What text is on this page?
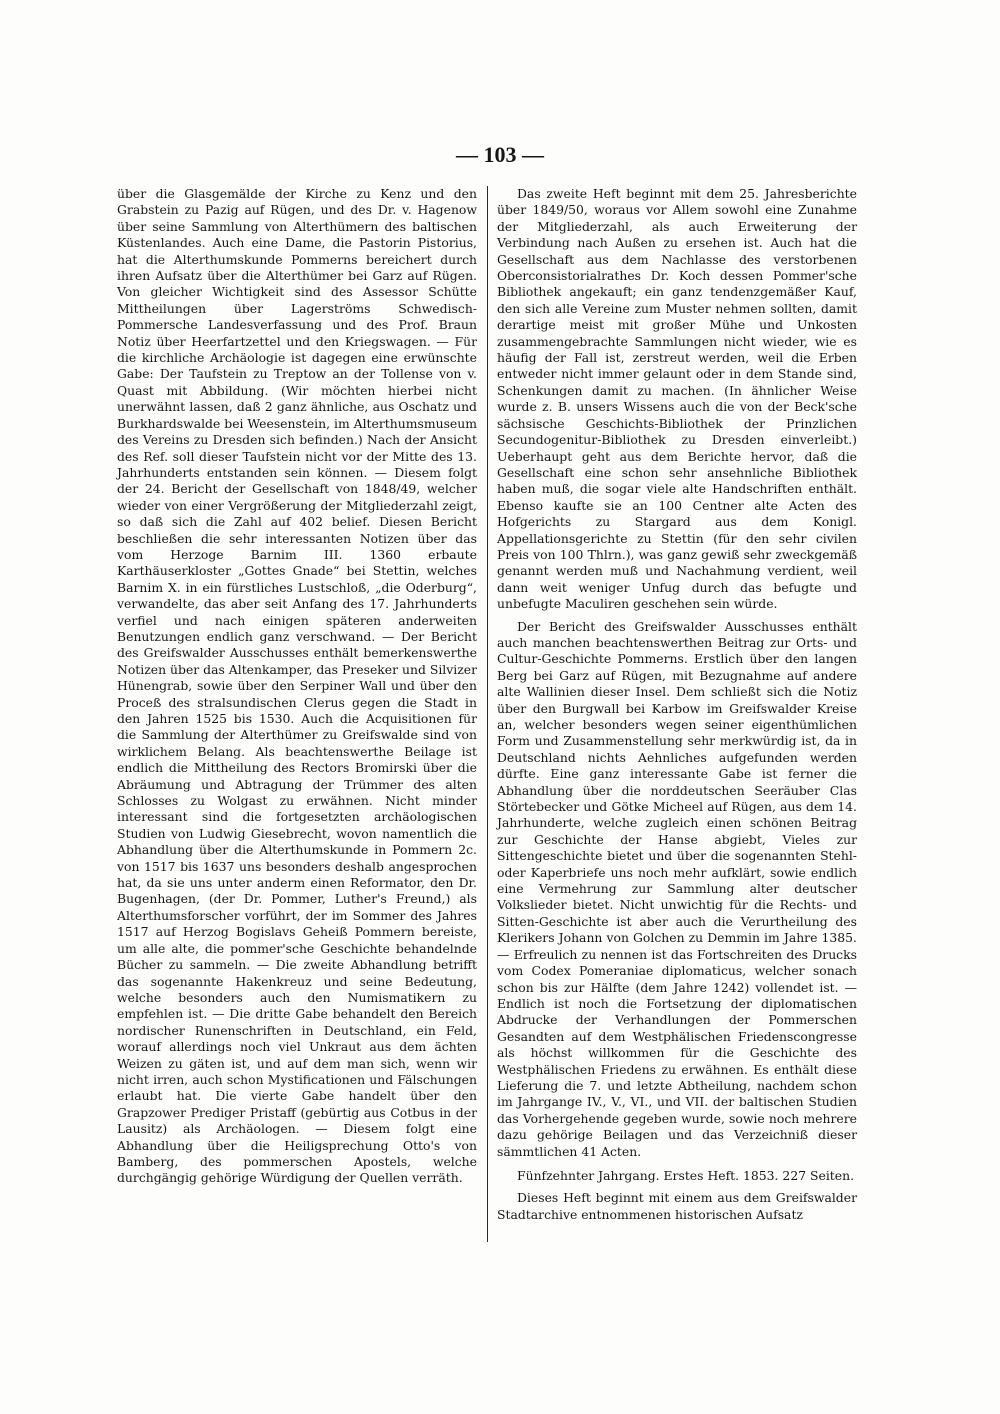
— 103 —

über die Glasgemälde der Kirche zu Kenz und den Grabstein zu Pazig auf Rügen, und des Dr. v. Hagenow über seine Sammlung von Alterthümern des baltischen Küstenlandes. Auch eine Dame, die Pastorin Pistorius, hat die Alterthumskunde Pommerns bereichert durch ihren Aufsatz über die Alterthümer bei Garz auf Rügen. Von gleicher Wichtigkeit sind des Assessor Schütte Mittheilungen über Lagerströms Schwedisch-Pommersche Landesverfassung und des Prof. Braun Notiz über Heerfartzettel und den Kriegswagen. — Für die kirchliche Archäologie ist dagegen eine erwünschte Gabe: Der Taufstein zu Treptow an der Tollense von v. Quast mit Abbildung. (Wir möchten hierbei nicht unerwähnt lassen, daß 2 ganz ähnliche, aus Oschatz und Burkhardswalde bei Weesenstein, im Alterthumsmuseum des Vereins zu Dresden sich befinden.) Nach der Ansicht des Ref. soll dieser Taufstein nicht vor der Mitte des 13. Jahrhunderts entstanden sein können. — Diesem folgt der 24. Bericht der Gesellschaft von 1848/49, welcher wieder von einer Vergrößerung der Mitgliederzahl zeigt, so daß sich die Zahl auf 402 belief. Diesen Bericht beschließen die sehr interessanten Notizen über das vom Herzoge Barnim III. 1360 erbaute Karthäuserkloster „Gottes Gnade“ bei Stettin, welches Barnim X. in ein fürstliches Lustschloß, „die Oderburg“, verwandelte, das aber seit Anfang des 17. Jahrhunderts verfiel und nach einigen späteren anderweiten Benutzungen endlich ganz verschwand. — Der Bericht des Greifswalder Ausschusses enthält bemerkenswerthe Notizen über das Altenkamper, das Preseker und Silvizer Hünengrab, sowie über den Serpiner Wall und über den Proceß des stralsundischen Clerus gegen die Stadt in den Jahren 1525 bis 1530. Auch die Acquisitionen für die Sammlung der Alterthümer zu Greifswalde sind von wirklichem Belang. Als beachtenswerthe Beilage ist endlich die Mittheilung des Rectors Bromirski über die Abräumung und Abtragung der Trümmer des alten Schlosses zu Wolgast zu erwähnen. Nicht minder interessant sind die fortgesetzten archäologischen Studien von Ludwig Giesebrecht, wovon namentlich die Abhandlung über die Alterthumskunde in Pommern 2c. von 1517 bis 1637 uns besonders deshalb angesprochen hat, da sie uns unter anderm einen Reformator, den Dr. Bugenhagen, (der Dr. Pommer, Luther's Freund,) als Alterthumsforscher vorführt, der im Sommer des Jahres 1517 auf Herzog Bogislavs Geheiß Pommern bereiste, um alle alte, die pommer'sche Geschichte behandelnde Bücher zu sammeln. — Die zweite Abhandlung betrifft das sogenannte Hakenkreuz und seine Bedeutung, welche besonders auch den Numismatikern zu empfehlen ist. — Die dritte Gabe behandelt den Bereich nordischer Runenschriften in Deutschland, ein Feld, worauf allerdings noch viel Unkraut aus dem ächten Weizen zu gäten ist, und auf dem man sich, wenn wir nicht irren, auch schon Mystificationen und Fälschungen erlaubt hat. Die vierte Gabe handelt über den Grapzower Prediger Pristaff (gebürtig aus Cotbus in der Lausitz) als Archäologen. — Diesem folgt eine Abhandlung über die Heiligsprechung Otto's von Bamberg, des pommerschen Apostels, welche durchgängig gehörige Würdigung der Quellen verräth.

Das zweite Heft beginnt mit dem 25. Jahresberichte über 1849/50, woraus vor Allem sowohl eine Zunahme der Mitgliederzahl, als auch Erweiterung der Verbindung nach Außen zu ersehen ist. Auch hat die Gesellschaft aus dem Nachlasse des verstorbenen Oberconsistorialrathes Dr. Koch dessen Pommer'sche Bibliothek angekauft; ein ganz tendenzgemäßer Kauf, den sich alle Vereine zum Muster nehmen sollten, damit derartige meist mit großer Mühe und Unkosten zusammengebrachte Sammlungen nicht wieder, wie es häufig der Fall ist, zerstreut werden, weil die Erben entweder nicht immer gelaunt oder in dem Stande sind, Schenkungen damit zu machen. (In ähnlicher Weise wurde z. B. unsers Wissens auch die von der Beck'sche sächsische Geschichts-Bibliothek der Prinzlichen Secundogenitur-Bibliothek zu Dresden einverleibt.) Ueberhaupt geht aus dem Berichte hervor, daß die Gesellschaft eine schon sehr ansehnliche Bibliothek haben muß, die sogar viele alte Handschriften enthält. Ebenso kaufte sie an 100 Centner alte Acten des Hofgerichts zu Stargard aus dem Konigl. Appellationsgerichte zu Stettin (für den sehr civilen Preis von 100 Thlrn.), was ganz gewiß sehr zweckgemäß genannt werden muß und Nachahmung verdient, weil dann weit weniger Unfug durch das befugte und unbefugte Maculiren geschehen sein würde.

Der Bericht des Greifswalder Ausschusses enthält auch manchen beachtenswerthen Beitrag zur Orts- und Cultur-Geschichte Pommerns. Erstlich über den langen Berg bei Garz auf Rügen, mit Bezugnahme auf andere alte Wallinien dieser Insel. Dem schließt sich die Notiz über den Burgwall bei Karbow im Greifswalder Kreise an, welcher besonders wegen seiner eigenthümlichen Form und Zusammenstellung sehr merkwürdig ist, da in Deutschland nichts Aehnliches aufgefunden werden dürfte. Eine ganz interessante Gabe ist ferner die Abhandlung über die norddeutschen Seeräuber Clas Störtebecker und Götke Micheel auf Rügen, aus dem 14. Jahrhunderte, welche zugleich einen schönen Beitrag zur Geschichte der Hanse abgiebt, Vieles zur Sittengeschichte bietet und über die sogenannten Stehl- oder Kaperbriefe uns noch mehr aufklärt, sowie endlich eine Vermehrung zur Sammlung alter deutscher Volkslieder bietet. Nicht unwichtig für die Rechts- und Sitten-Geschichte ist aber auch die Verurtheilung des Klerikers Johann von Golchen zu Demmin im Jahre 1385. — Erfreulich zu nennen ist das Fortschreiten des Drucks vom Codex Pomeraniae diplomaticus, welcher sonach schon bis zur Hälfte (dem Jahre 1242) vollendet ist. — Endlich ist noch die Fortsetzung der diplomatischen Abdrucke der Verhandlungen der Pommerschen Gesandten auf dem Westphälischen Friedenscongresse als höchst willkommen für die Geschichte des Westphälischen Friedens zu erwähnen. Es enthält diese Lieferung die 7. und letzte Abtheilung, nachdem schon im Jahrgange IV., V., VI., und VII. der baltischen Studien das Vorhergehende gegeben wurde, sowie noch mehrere dazu gehörige Beilagen und das Verzeichniß dieser sämmtlichen 41 Acten.

Fünfzehnter Jahrgang. Erstes Heft. 1853. 227 Seiten.

Dieses Heft beginnt mit einem aus dem Greifswalder Stadtarchive entnommenen historischen Aufsatz
